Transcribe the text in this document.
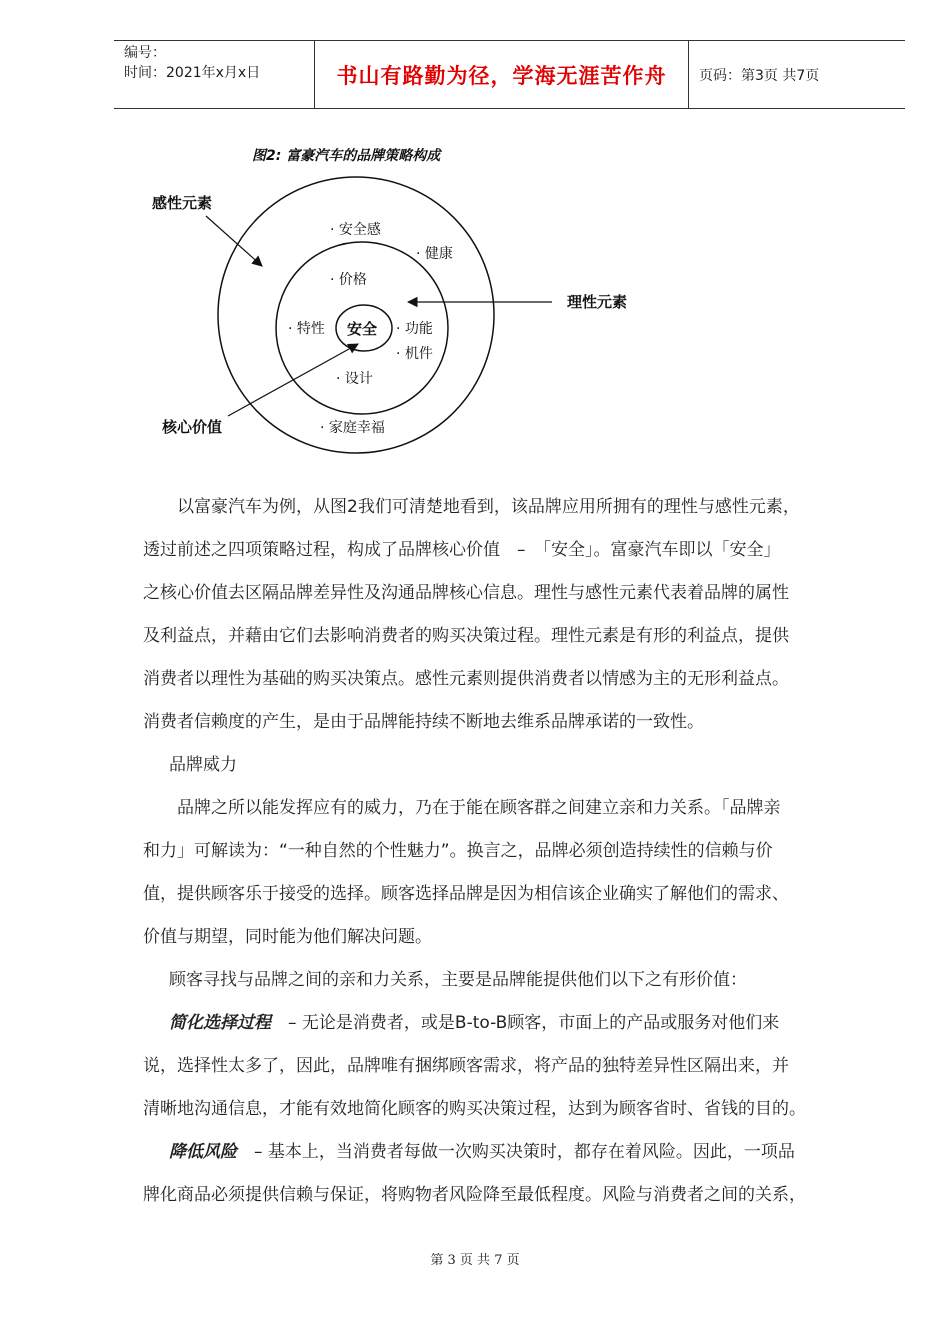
编号：
时间：2021年x月x日	书山有路勤为径，学海无涯苦作舟	页码：第3页 共7页
图2: 富豪汽车的品牌策略构成
感性元素
理性元素
核心价值
安全
· 安全感
· 健康
· 家庭幸福
· 价格
· 特性	· 功能
· 机件
· 设计

以富豪汽车为例，从图2我们可清楚地看到，该品牌应用所拥有的理性与感性元素，

透过前述之四项策略过程，构成了品牌核心价值　–　「安全」。富豪汽车即以「安全」

之核心价值去区隔品牌差异性及沟通品牌核心信息。理性与感性元素代表着品牌的属性

及利益点，并藉由它们去影响消费者的购买决策过程。理性元素是有形的利益点，提供

消费者以理性为基础的购买决策点。感性元素则提供消费者以情感为主的无形利益点。

消费者信赖度的产生，是由于品牌能持续不断地去维系品牌承诺的一致性。

品牌威力

品牌之所以能发挥应有的威力，乃在于能在顾客群之间建立亲和力关系。「品牌亲

和力」可解读为：“一种自然的个性魅力”。换言之，品牌必须创造持续性的信赖与价

值，提供顾客乐于接受的选择。顾客选择品牌是因为相信该企业确实了解他们的需求、

价值与期望，同时能为他们解决问题。

顾客寻找与品牌之间的亲和力关系，主要是品牌能提供他们以下之有形价值：

简化选择过程　– 无论是消费者，或是B-to-B顾客，市面上的产品或服务对他们来

说，选择性太多了，因此，品牌唯有捆绑顾客需求，将产品的独特差异性区隔出来，并

清晰地沟通信息，才能有效地简化顾客的购买决策过程，达到为顾客省时、省钱的目的。

降低风险　– 基本上，当消费者每做一次购买决策时，都存在着风险。因此，一项品

牌化商品必须提供信赖与保证，将购物者风险降至最低程度。风险与消费者之间的关系，

第 3 页 共 7 页
